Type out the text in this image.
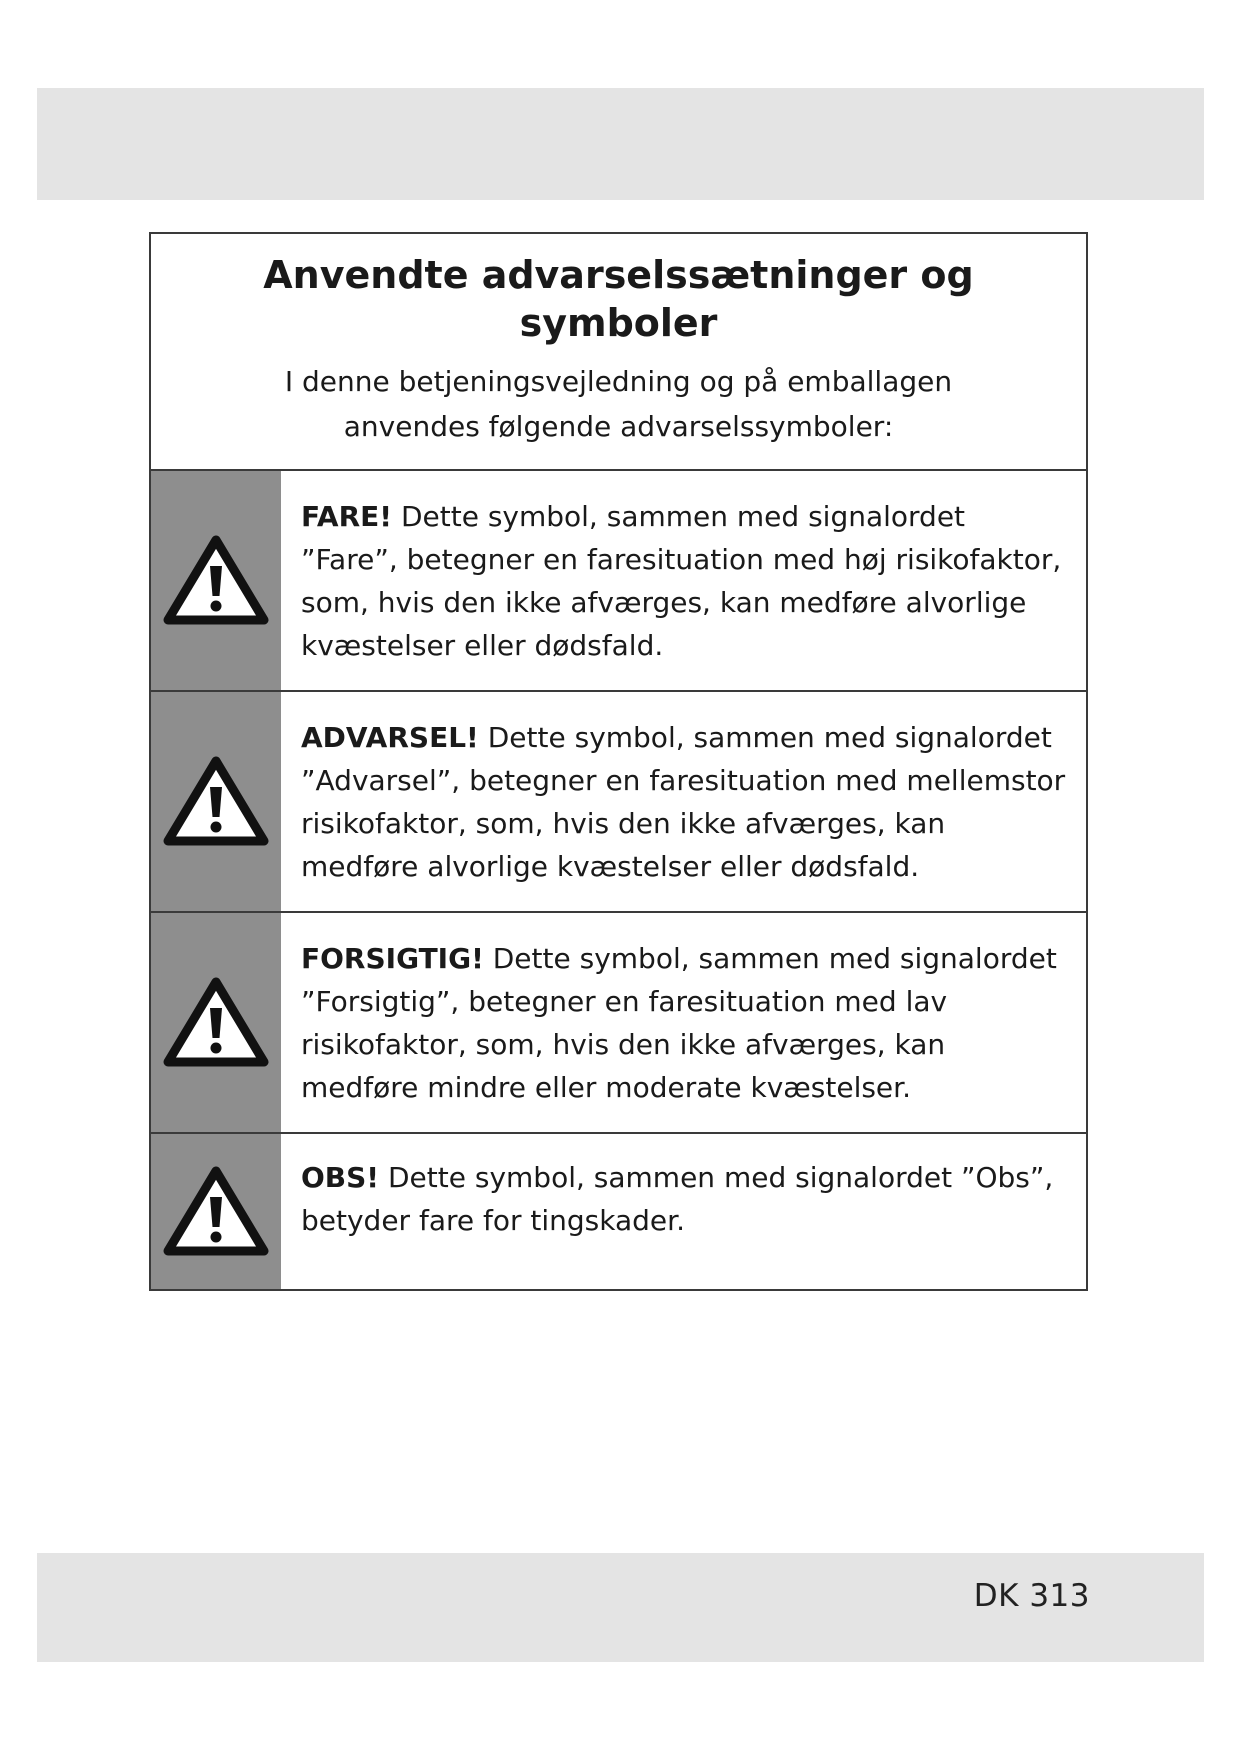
Anvendte advarselssætninger og symboler
I denne betjeningsvejledning og på emballagen anvendes følgende advarselssymboler:
FARE! Dette symbol, sammen med signalordet ”Fare”, betegner en faresituation med høj risikofaktor, som, hvis den ikke afværges, kan medføre alvorlige kvæstelser eller dødsfald.
ADVARSEL! Dette symbol, sammen med signalordet ”Advarsel”, betegner en faresituation med mellemstor risikofaktor, som, hvis den ikke afværges, kan medføre alvorlige kvæstelser eller dødsfald.
FORSIGTIG! Dette symbol, sammen med signalordet ”Forsigtig”, betegner en faresituation med lav risikofaktor, som, hvis den ikke afværges, kan medføre mindre eller moderate kvæstelser.
OBS! Dette symbol, sammen med signalordet ”Obs”, betyder fare for tingskader.
DK 313
